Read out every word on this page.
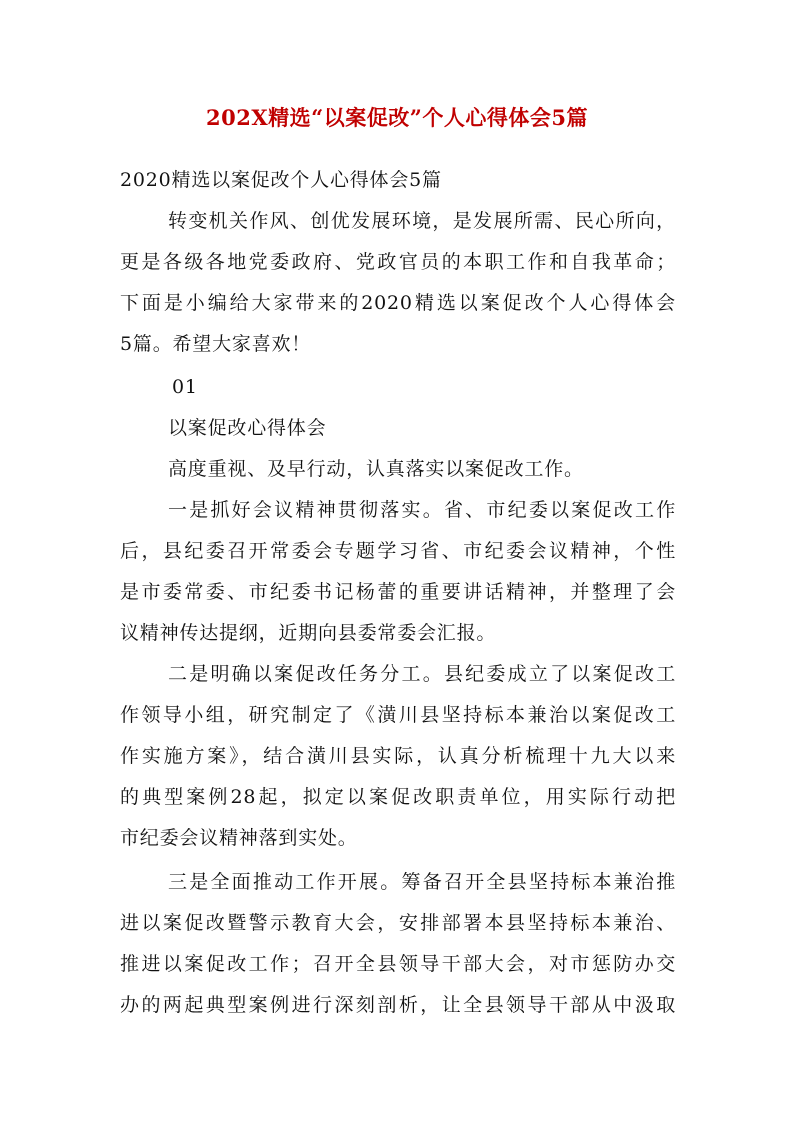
202X精选“以案促改”个人心得体会5篇
2020精选以案促改个人心得体会5篇
转变机关作风、创优发展环境，是发展所需、民心所向，
更是各级各地党委政府、党政官员的本职工作和自我革命；
下面是小编给大家带来的2020精选以案促改个人心得体会
5篇。希望大家喜欢！
01
以案促改心得体会
高度重视、及早行动，认真落实以案促改工作。
一是抓好会议精神贯彻落实。省、市纪委以案促改工作
后，县纪委召开常委会专题学习省、市纪委会议精神，个性
是市委常委、市纪委书记杨蕾的重要讲话精神，并整理了会
议精神传达提纲，近期向县委常委会汇报。
二是明确以案促改任务分工。县纪委成立了以案促改工
作领导小组，研究制定了《潢川县坚持标本兼治以案促改工
作实施方案》，结合潢川县实际，认真分析梳理十九大以来
的典型案例28起，拟定以案促改职责单位，用实际行动把
市纪委会议精神落到实处。
三是全面推动工作开展。筹备召开全县坚持标本兼治推
进以案促改暨警示教育大会，安排部署本县坚持标本兼治、
推进以案促改工作；召开全县领导干部大会，对市惩防办交
办的两起典型案例进行深刻剖析，让全县领导干部从中汲取
